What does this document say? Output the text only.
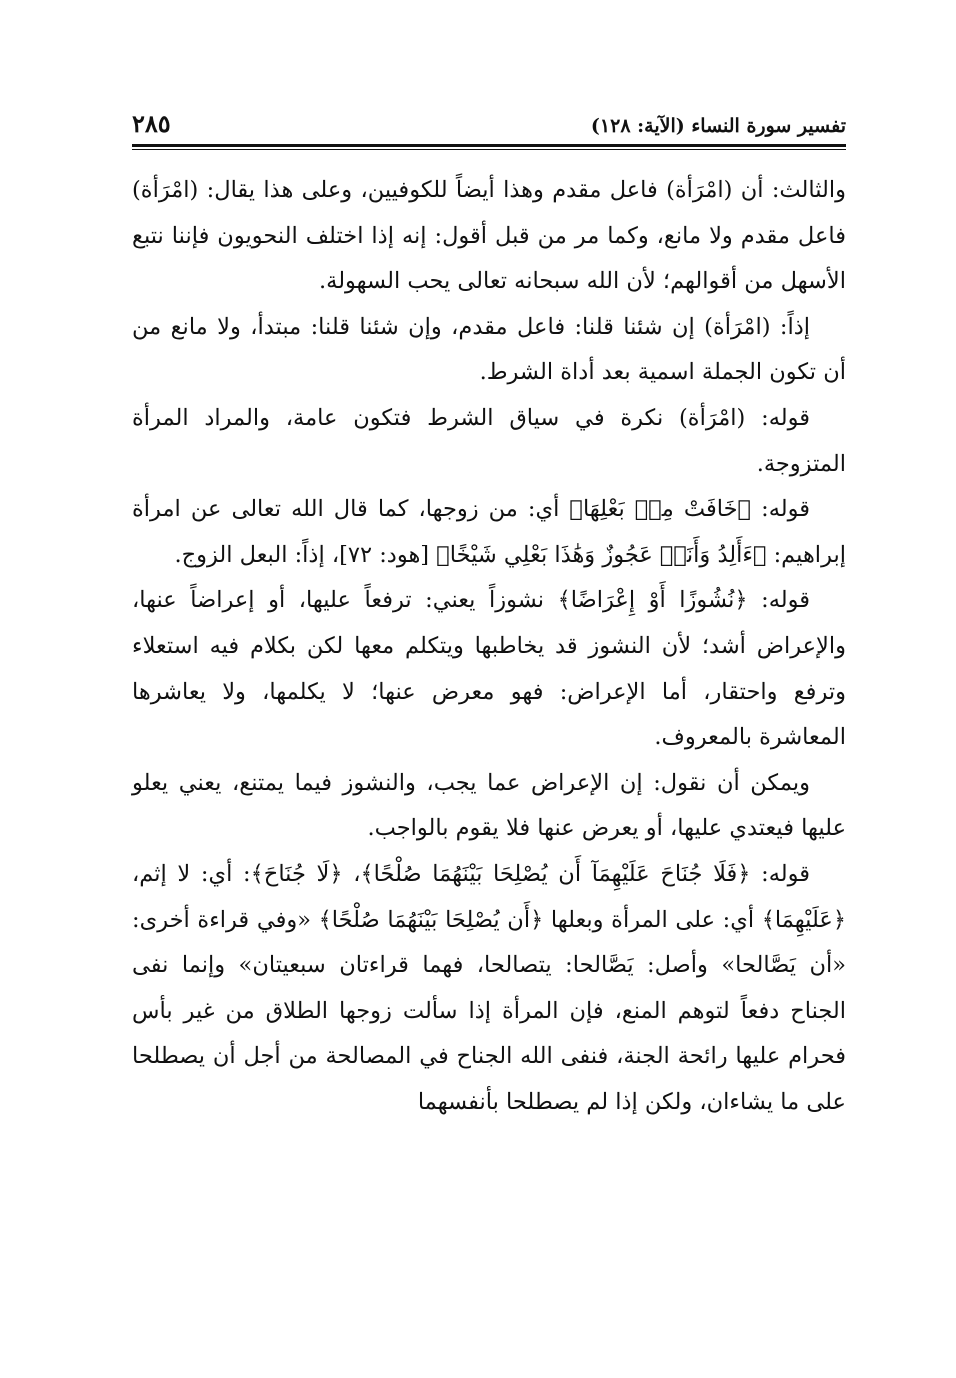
تفسير سورة النساء (الآية: ١٢٨)
٢٨٥

والثالث: أن (امْرَأة) فاعل مقدم وهذا أيضاً للكوفيين، وعلى هذا يقال: (امْرَأة) فاعل مقدم ولا مانع، وكما مر من قبل أقول: إنه إذا اختلف النحويون فإننا نتبع الأسهل من أقوالهم؛ لأن الله سبحانه تعالى يحب السهولة.

إذاً: (امْرَأة) إن شئنا قلنا: فاعل مقدم، وإن شئنا قلنا: مبتدأ، ولا مانع من أن تكون الجملة اسمية بعد أداة الشرط.

قوله: (امْرَأة) نكرة في سياق الشرط فتكون عامة، والمراد المرأة المتزوجة.

قوله: ﴿خَافَتْ مِنۢ بَعْلِهَا﴾ أي: من زوجها، كما قال الله تعالى عن امرأة إبراهيم: ﴿ءَأَلِدُ وَأَنَا۠ عَجُوزٌ وَهَٰذَا بَعْلِي شَيْخًا﴾ [هود: ٧٢]، إذاً: البعل الزوج.

قوله: ﴿نُشُوزًا أَوْ إِعْرَاضًا﴾ نشوزاً يعني: ترفعاً عليها، أو إعراضاً عنها، والإعراض أشد؛ لأن النشوز قد يخاطبها ويتكلم معها لكن بكلام فيه استعلاء وترفع واحتقار، أما الإعراض: فهو معرض عنها؛ لا يكلمها، ولا يعاشرها المعاشرة بالمعروف.

ويمكن أن نقول: إن الإعراض عما يجب، والنشوز فيما يمتنع، يعني يعلو عليها فيعتدي عليها، أو يعرض عنها فلا يقوم بالواجب.

قوله: ﴿فَلَا جُنَاحَ عَلَيْهِمَآ أَن يُصْلِحَا بَيْنَهُمَا صُلْحًا﴾، ﴿لَا جُنَاحَ﴾: أي: لا إثم، ﴿عَلَيْهِمَا﴾ أي: على المرأة وبعلها ﴿أَن يُصْلِحَا بَيْنَهُمَا صُلْحًا﴾ «وفي قراءة أخرى: «أن يَصَّالحا» وأصل: يَصَّالحا: يتصالحا، فهما قراءتان سبعيتان» وإنما نفى الجناح دفعاً لتوهم المنع، فإن المرأة إذا سألت زوجها الطلاق من غير بأس فحرام عليها رائحة الجنة، فنفى الله الجناح في المصالحة من أجل أن يصطلحا على ما يشاءان، ولكن إذا لم يصطلحا بأنفسهما
